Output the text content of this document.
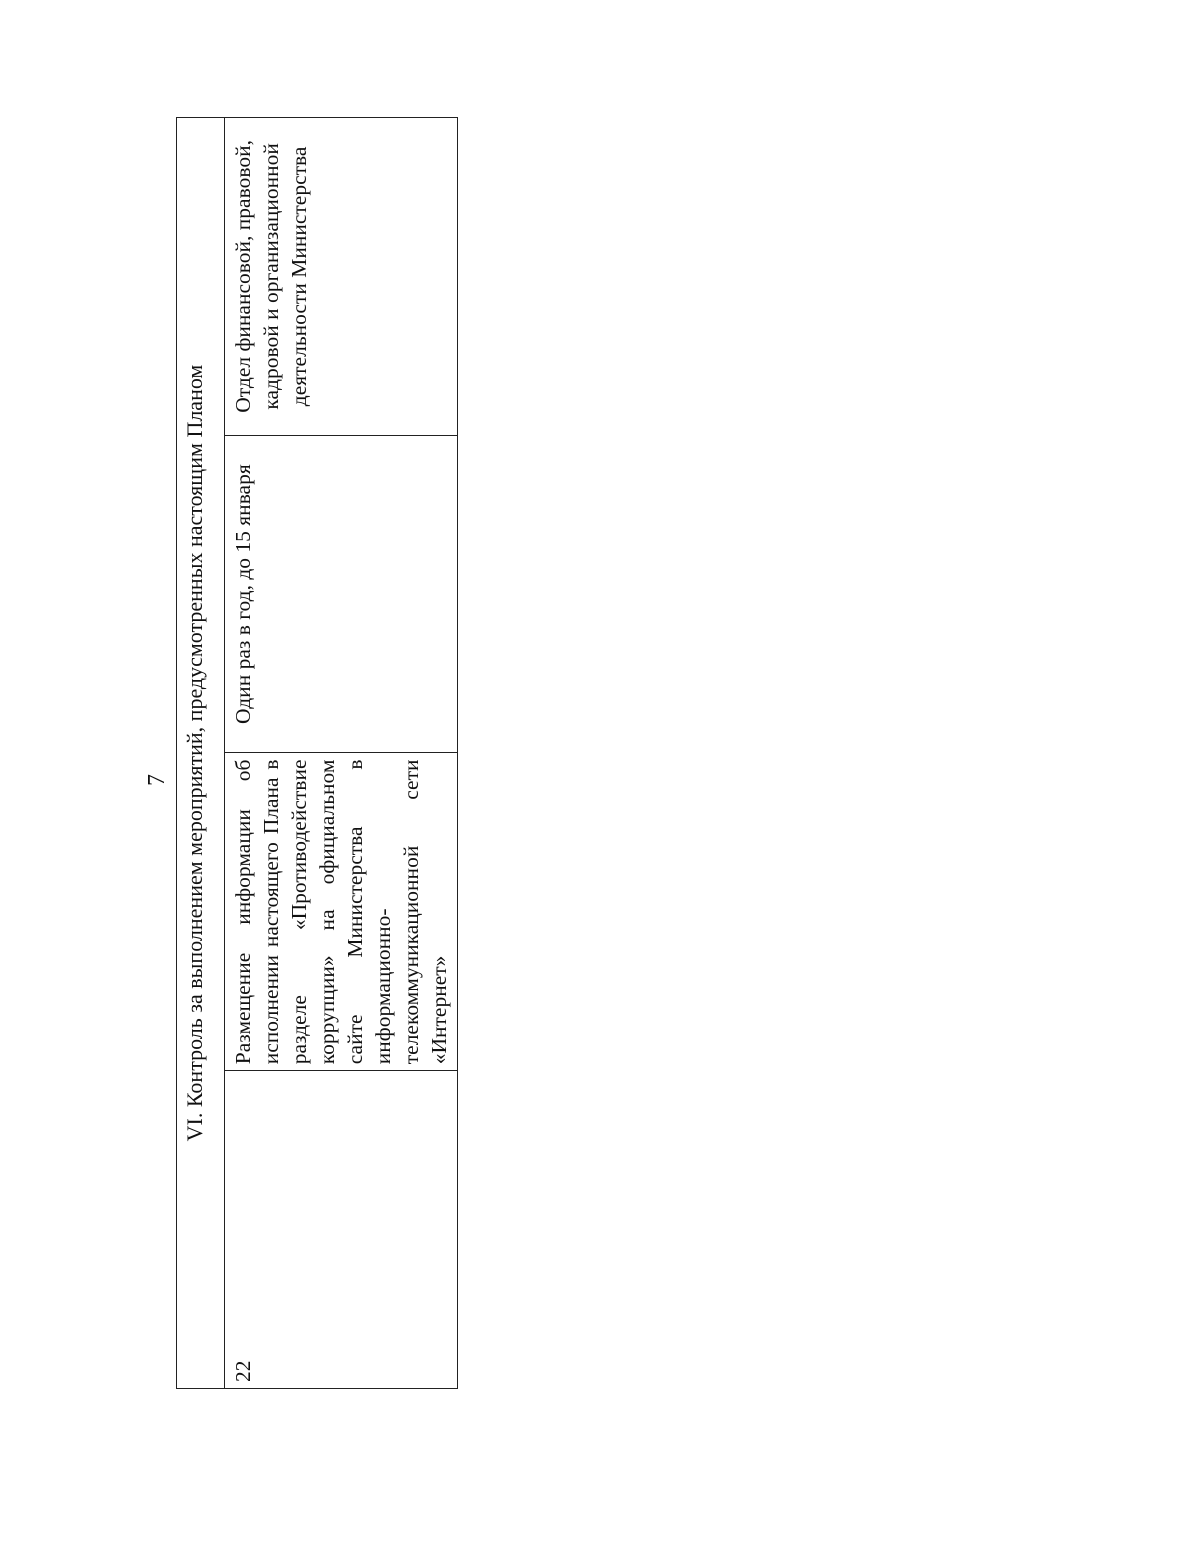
7 VI. Контроль за выполнением мероприятий, предусмотренных настоящим Планом
22	Размещение информации об исполнении настоящего Плана в разделе «Противодействие коррупции» на официальном сайте Министерства в информационно-телекоммуникационной сети «Интернет»	Один раз в год, до 15 января	Отдел финансовой, правовой, кадровой и организационной деятельности Министерства
